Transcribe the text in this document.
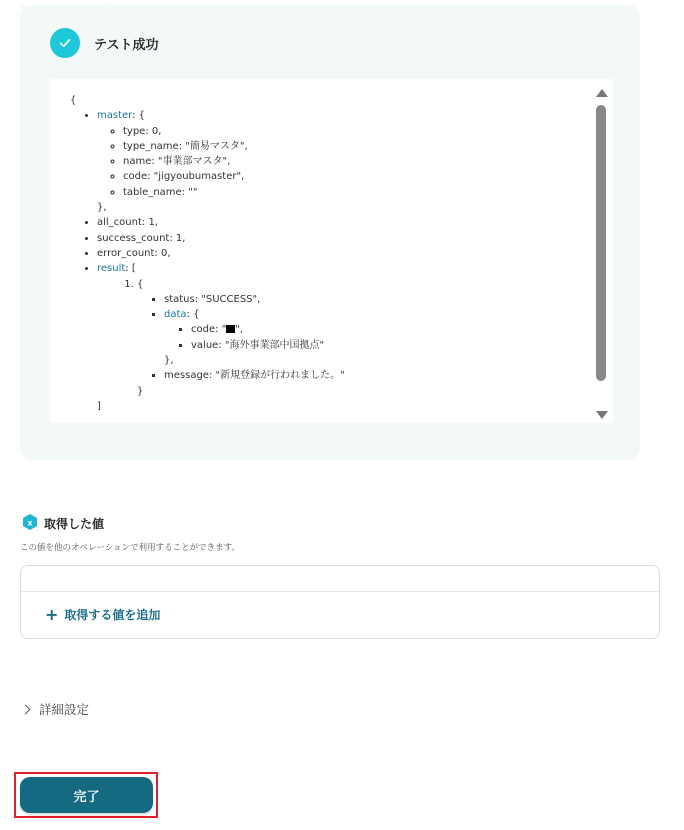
テスト成功
{
• master: {
◦ type: 0,
◦ type_name: "簡易マスタ",
◦ name: "事業部マスタ",
◦ code: "jigyoubumaster",
◦ table_name: ""
},
• all_count: 1,
• success_count: 1,
• error_count: 0,
• result: [
1. {
▪ status: "SUCCESS",
▪ data: {
▪ code: " ",
▪ value: "海外事業部中国拠点"
},
▪ message: "新規登録が行われました。"
}
]
x 取得した値
この値を他のオペレーションで利用することができます。
+ 取得する値を追加
詳細設定
完了
